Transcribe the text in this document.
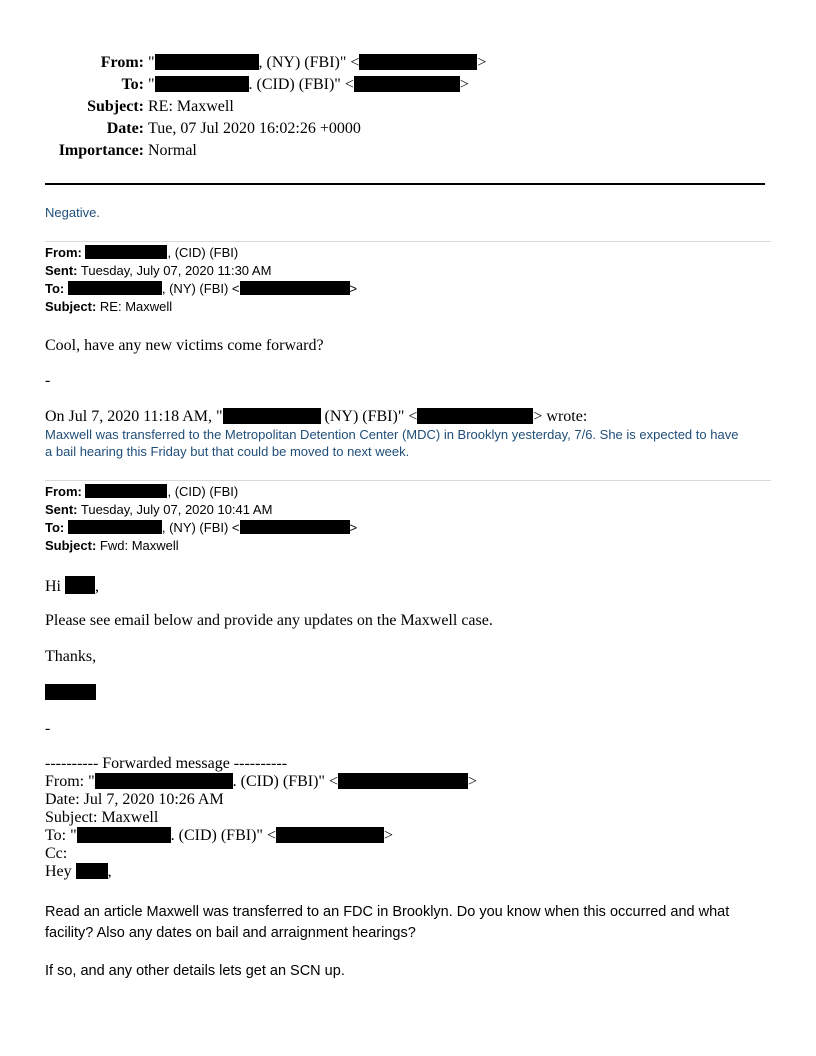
From: "	, (NY) (FBI)" <	>
To: "	. (CID) (FBI)" <	>
Subject: RE: Maxwell
Date: Tue, 07 Jul 2020 16:02:26 +0000
Importance: Normal
Negative.
From:	, (CID) (FBI)
Sent: Tuesday, July 07, 2020 11:30 AM
To:	, (NY) (FBI) <	>
Subject: RE: Maxwell
Cool, have any new victims come forward?
-
On Jul 7, 2020 11:18 AM, "	(NY) (FBI)" <	> wrote:
Maxwell was transferred to the Metropolitan Detention Center (MDC) in Brooklyn yesterday, 7/6. She is expected to have
a bail hearing this Friday but that could be moved to next week.
From:	, (CID) (FBI)
Sent: Tuesday, July 07, 2020 10:41 AM
To:	, (NY) (FBI) <	>
Subject: Fwd: Maxwell
Hi ,
Please see email below and provide any updates on the Maxwell case.
Thanks,
-
---------- Forwarded message ----------
From: "	. (CID) (FBI)" <	>
Date: Jul 7, 2020 10:26 AM
Subject: Maxwell
To: "	. (CID) (FBI)" <	>
Cc:
Hey ,
Read an article Maxwell was transferred to an FDC in Brooklyn. Do you know when this occurred and what
facility? Also any dates on bail and arraignment hearings?
If so, and any other details lets get an SCN up.
